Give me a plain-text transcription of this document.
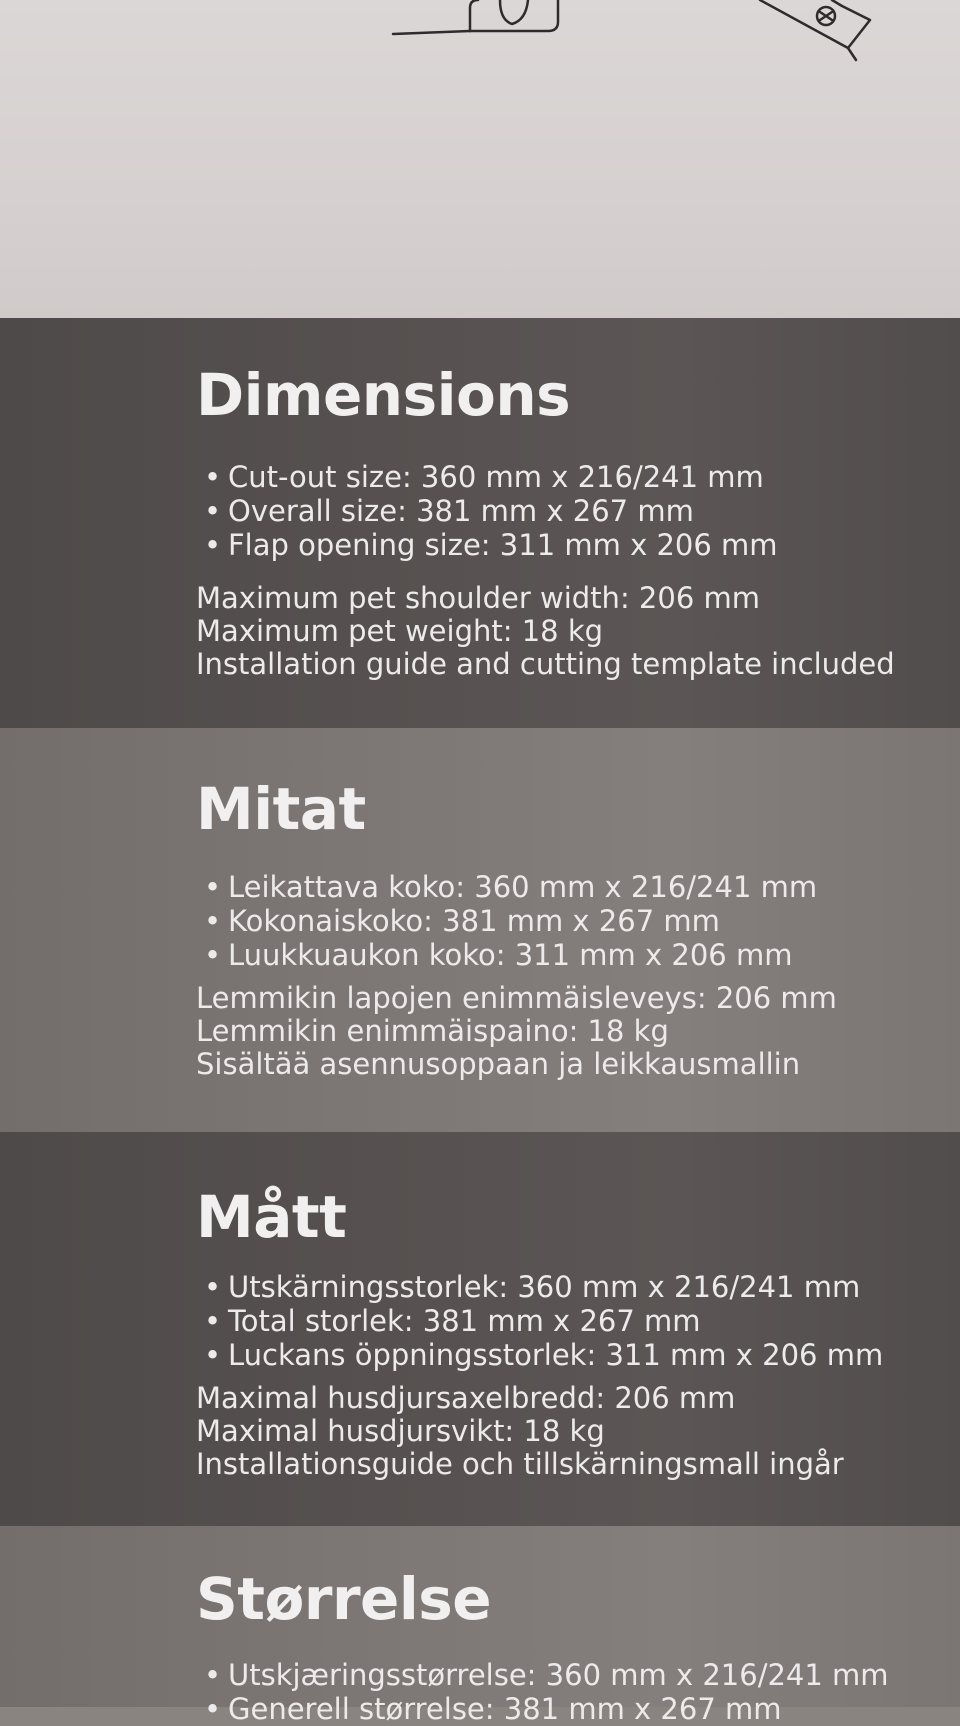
Dimensions
• Cut-out size: 360 mm x 216/241 mm
• Overall size: 381 mm x 267 mm
• Flap opening size: 311 mm x 206 mm
Maximum pet shoulder width: 206 mm
Maximum pet weight: 18 kg
Installation guide and cutting template included
Mitat
• Leikattava koko: 360 mm x 216/241 mm
• Kokonaiskoko: 381 mm x 267 mm
• Luukkuaukon koko: 311 mm x 206 mm
Lemmikin lapojen enimmäisleveys: 206 mm
Lemmikin enimmäispaino: 18 kg
Sisältää asennusoppaan ja leikkausmallin
Mått
• Utskärningsstorlek: 360 mm x 216/241 mm
• Total storlek: 381 mm x 267 mm
• Luckans öppningsstorlek: 311 mm x 206 mm
Maximal husdjursaxelbredd: 206 mm
Maximal husdjursvikt: 18 kg
Installationsguide och tillskärningsmall ingår
Størrelse
• Utskjæringsstørrelse: 360 mm x 216/241 mm
• Generell størrelse: 381 mm x 267 mm
